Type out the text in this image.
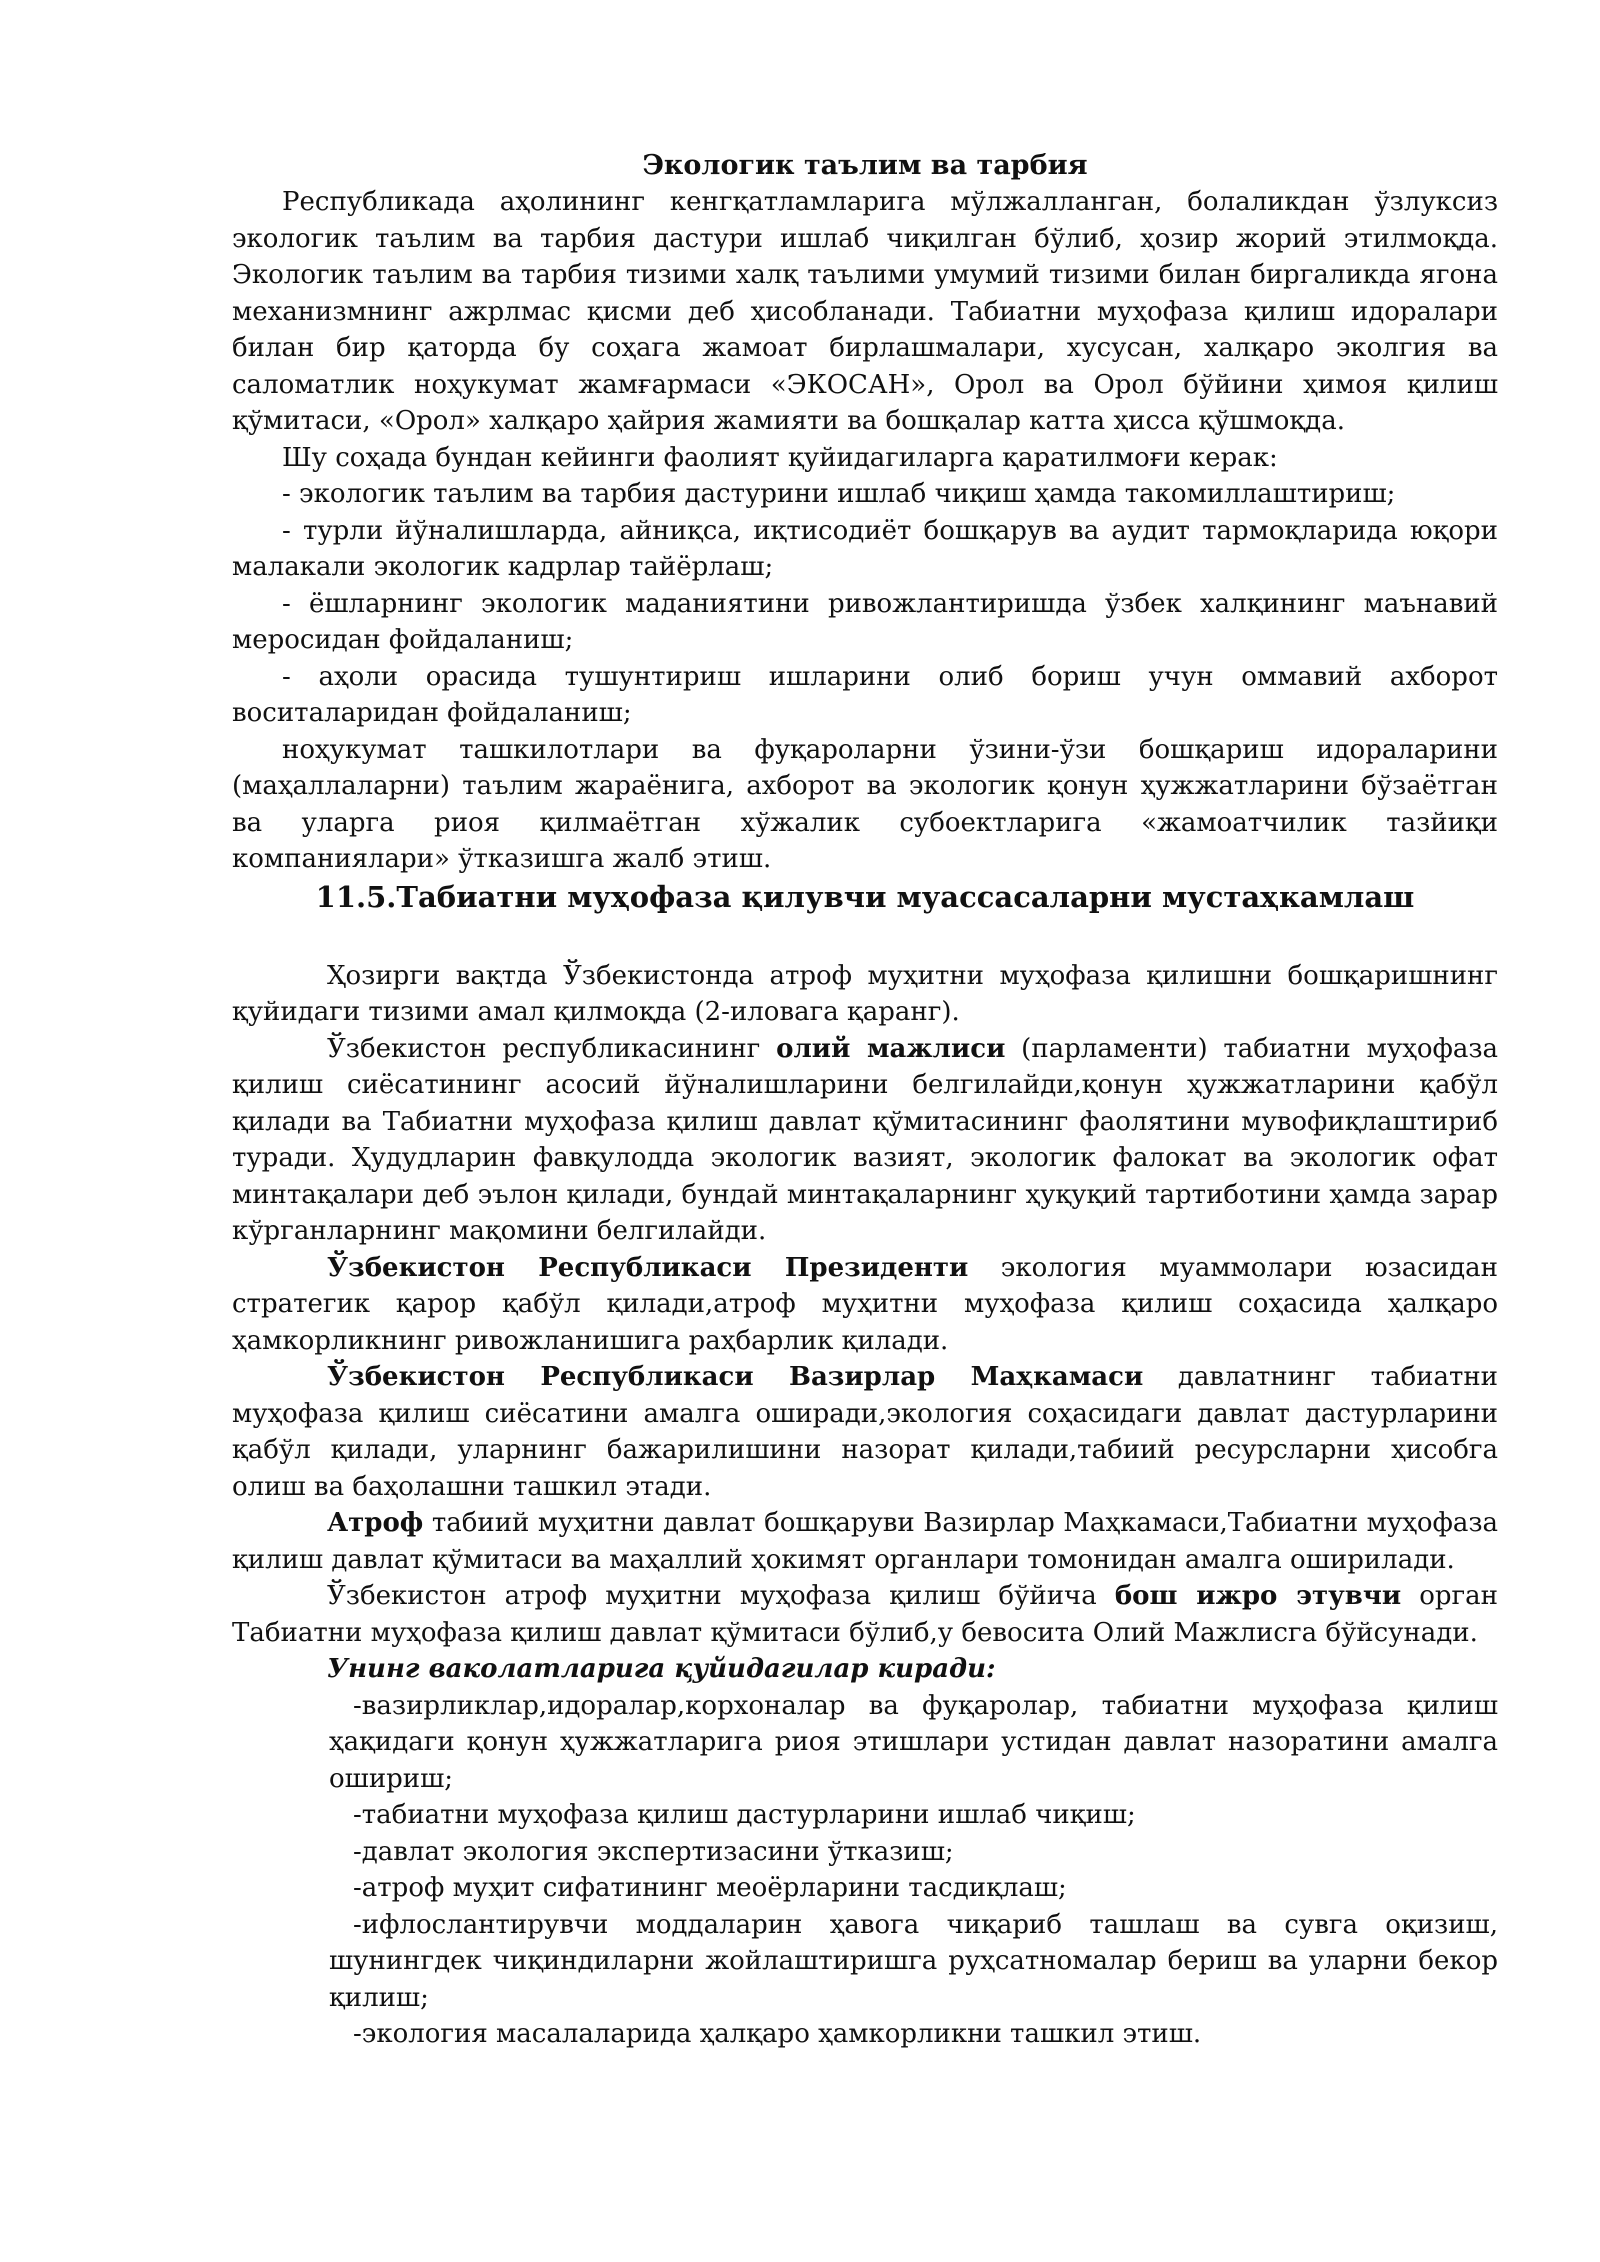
Экологик таълим ва тарбия

Республикада аҳолининг кенгқатламларига мўлжалланган, болаликдан ўзлуксиз экологик таълим ва тарбия дастури ишлаб чиқилган бўлиб, ҳозир жорий этилмоқда. Экологик таълим ва тарбия тизими халқ таълими умумий тизими билан биргаликда ягона механизмнинг ажрлмас қисми деб ҳисобланади. Табиатни муҳофаза қилиш идоралари билан бир қаторда бу соҳага жамоат бирлашмалари, хусусан, халқаро эколгия ва саломатлик ноҳукумат жамғармаси «ЭКОСАН», Орол ва Орол бўйини ҳимоя қилиш қўмитаси, «Орол» халқаро ҳайрия жамияти ва бошқалар катта ҳисса қўшмоқда.

Шу соҳада бундан кейинги фаолият қуйидагиларга қаратилмоғи керак:

- экологик таълим ва тарбия дастурини ишлаб чиқиш ҳамда такомиллаштириш;

- турли йўналишларда, айниқса, иқтисодиёт бошқарув ва аудит тармоқларида юқори малакали экологик кадрлар тайёрлаш;

- ёшларнинг экологик маданиятини ривожлантиришда ўзбек халқининг маънавий меросидан фойдаланиш;

- аҳоли орасида тушунтириш ишларини олиб бориш учун оммавий ахборот воситаларидан фойдаланиш;

ноҳукумат ташкилотлари ва фуқароларни ўзини-ўзи бошқариш идораларини (маҳаллаларни) таълим жараёнига, ахборот ва экологик қонун ҳужжатларини бўзаётган ва уларга риоя қилмаётган хўжалик субоектларига «жамоатчилик тазйиқи компаниялари» ўтказишга жалб этиш.

11.5.Табиатни муҳофаза қилувчи муассасаларни мустаҳкамлаш

Ҳозирги вақтда Ўзбекистонда атроф муҳитни муҳофаза қилишни бошқаришнинг қуйидаги тизими амал қилмоқда (2-иловага қаранг).

Ўзбекистон республикасининг олий мажлиси (парламенти) табиатни муҳофаза қилиш сиёсатининг асосий йўналишларини белгилайди,қонун ҳужжатларини қабўл қилади ва Табиатни муҳофаза қилиш давлат қўмитасининг фаолятини мувофиқлаштириб туради. Ҳудудларин фавқулодда экологик вазият, экологик фалокат ва экологик офат минтақалари деб эълон қилади, бундай минтақаларнинг ҳуқуқий тартиботини ҳамда зарар кўрганларнинг мақомини белгилайди.

Ўзбекистон Республикаси Президенти экология муаммолари юзасидан стратегик қарор қабўл қилади,атроф муҳитни муҳофаза қилиш соҳасида ҳалқаро ҳамкорликнинг ривожланишига раҳбарлик қилади.

Ўзбекистон Республикаси Вазирлар Маҳкамаси давлатнинг табиатни муҳофаза қилиш сиёсатини амалга оширади,экология соҳасидаги давлат дастурларини қабўл қилади, уларнинг бажарилишини назорат қилади,табиий ресурсларни ҳисобга олиш ва баҳолашни ташкил этади.

Атроф табиий муҳитни давлат бошқаруви Вазирлар Маҳкамаси,Табиатни муҳофаза қилиш давлат қўмитаси ва маҳаллий ҳокимят органлари томонидан амалга оширилади.

Ўзбекистон атроф муҳитни муҳофаза қилиш бўйича бош ижро этувчи орган Табиатни муҳофаза қилиш давлат қўмитаси бўлиб,у бевосита Олий Мажлисга бўйсунади.

Унинг ваколатларига қуйидагилар киради:

-вазирликлар,идоралар,корхоналар ва фуқаролар, табиатни муҳофаза қилиш ҳақидаги қонун ҳужжатларига риоя этишлари устидан давлат назоратини амалга ошириш;

-табиатни муҳофаза қилиш дастурларини ишлаб чиқиш;

-давлат экология экспертизасини ўтказиш;

-атроф муҳит сифатининг меоёрларини тасдиқлаш;

-ифлослантирувчи моддаларин ҳавога чиқариб ташлаш ва сувга оқизиш, шунингдек чиқиндиларни жойлаштиришга руҳсатномалар бериш ва уларни бекор қилиш;

-экология масалаларида ҳалқаро ҳамкорликни ташкил этиш.
